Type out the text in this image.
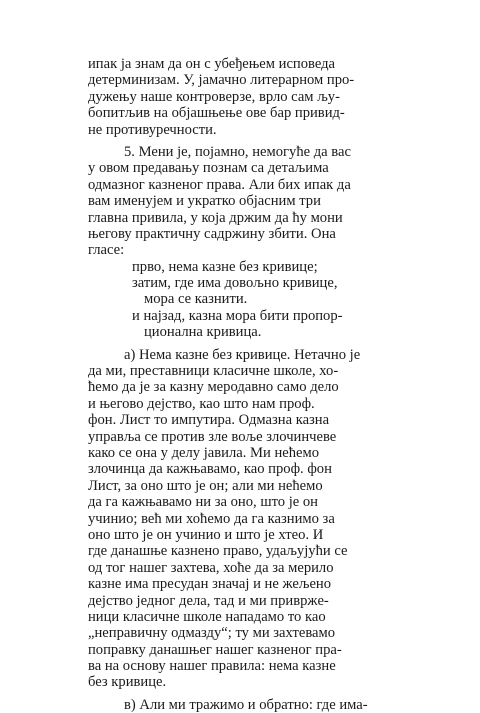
ипак ја знам да он с убеђењем исповеда
детерминизам. У, јамачно литерарном про-
дужењу наше контроверзе, врло сам љу-
бопитљив на објашњење ове бар привид-
не противуречности.
5. Мени је, појамно, немогуће да вас
у овом предавању познам са детаљима
одмазног казненог права. Али бих ипак да
вам именујем и укратко објасним три
главна привила, у која држим да ћу мони
његову практичну садржину збити. Она
гласе:
прво, нема казне без кривице;
затим, где има довољно кривице,
мора се казнити.
и најзад, казна мора бити пропор-
ционална кривица.
а) Нема казне без кривице. Нетачно је
да ми, преставници класичне школе, хо-
ћемо да је за казну меродавно само дело
и његово дејство, као што нам проф.
фон. Лист то импутира. Одмазна казна
управља се против зле воље злочинчеве
како се она у делу јавила. Ми нећемо
злочинца да кажњавамо, као проф. фон
Лист, за оно што је он; али ми нећемо
да га кажњавамо ни за оно, што је он
учинио; већ ми хоћемо да га казнимо за
оно што је он учинио и што је хтео. И
где данашње казнено право, удаљујући се
од тог нашег захтева, хоће да за мерило
казне има пресудан значај и не жељено
дејство једног дела, тад и ми привржe-
ници класичне школе нападамо то као
„неправичну одмазду“; ту ми захтевамо
поправку данашњег нашег казненог пра-
ва на основу нашег правила: нема казне
без кривице.
в) Али ми тражимо и обратно: где има-
